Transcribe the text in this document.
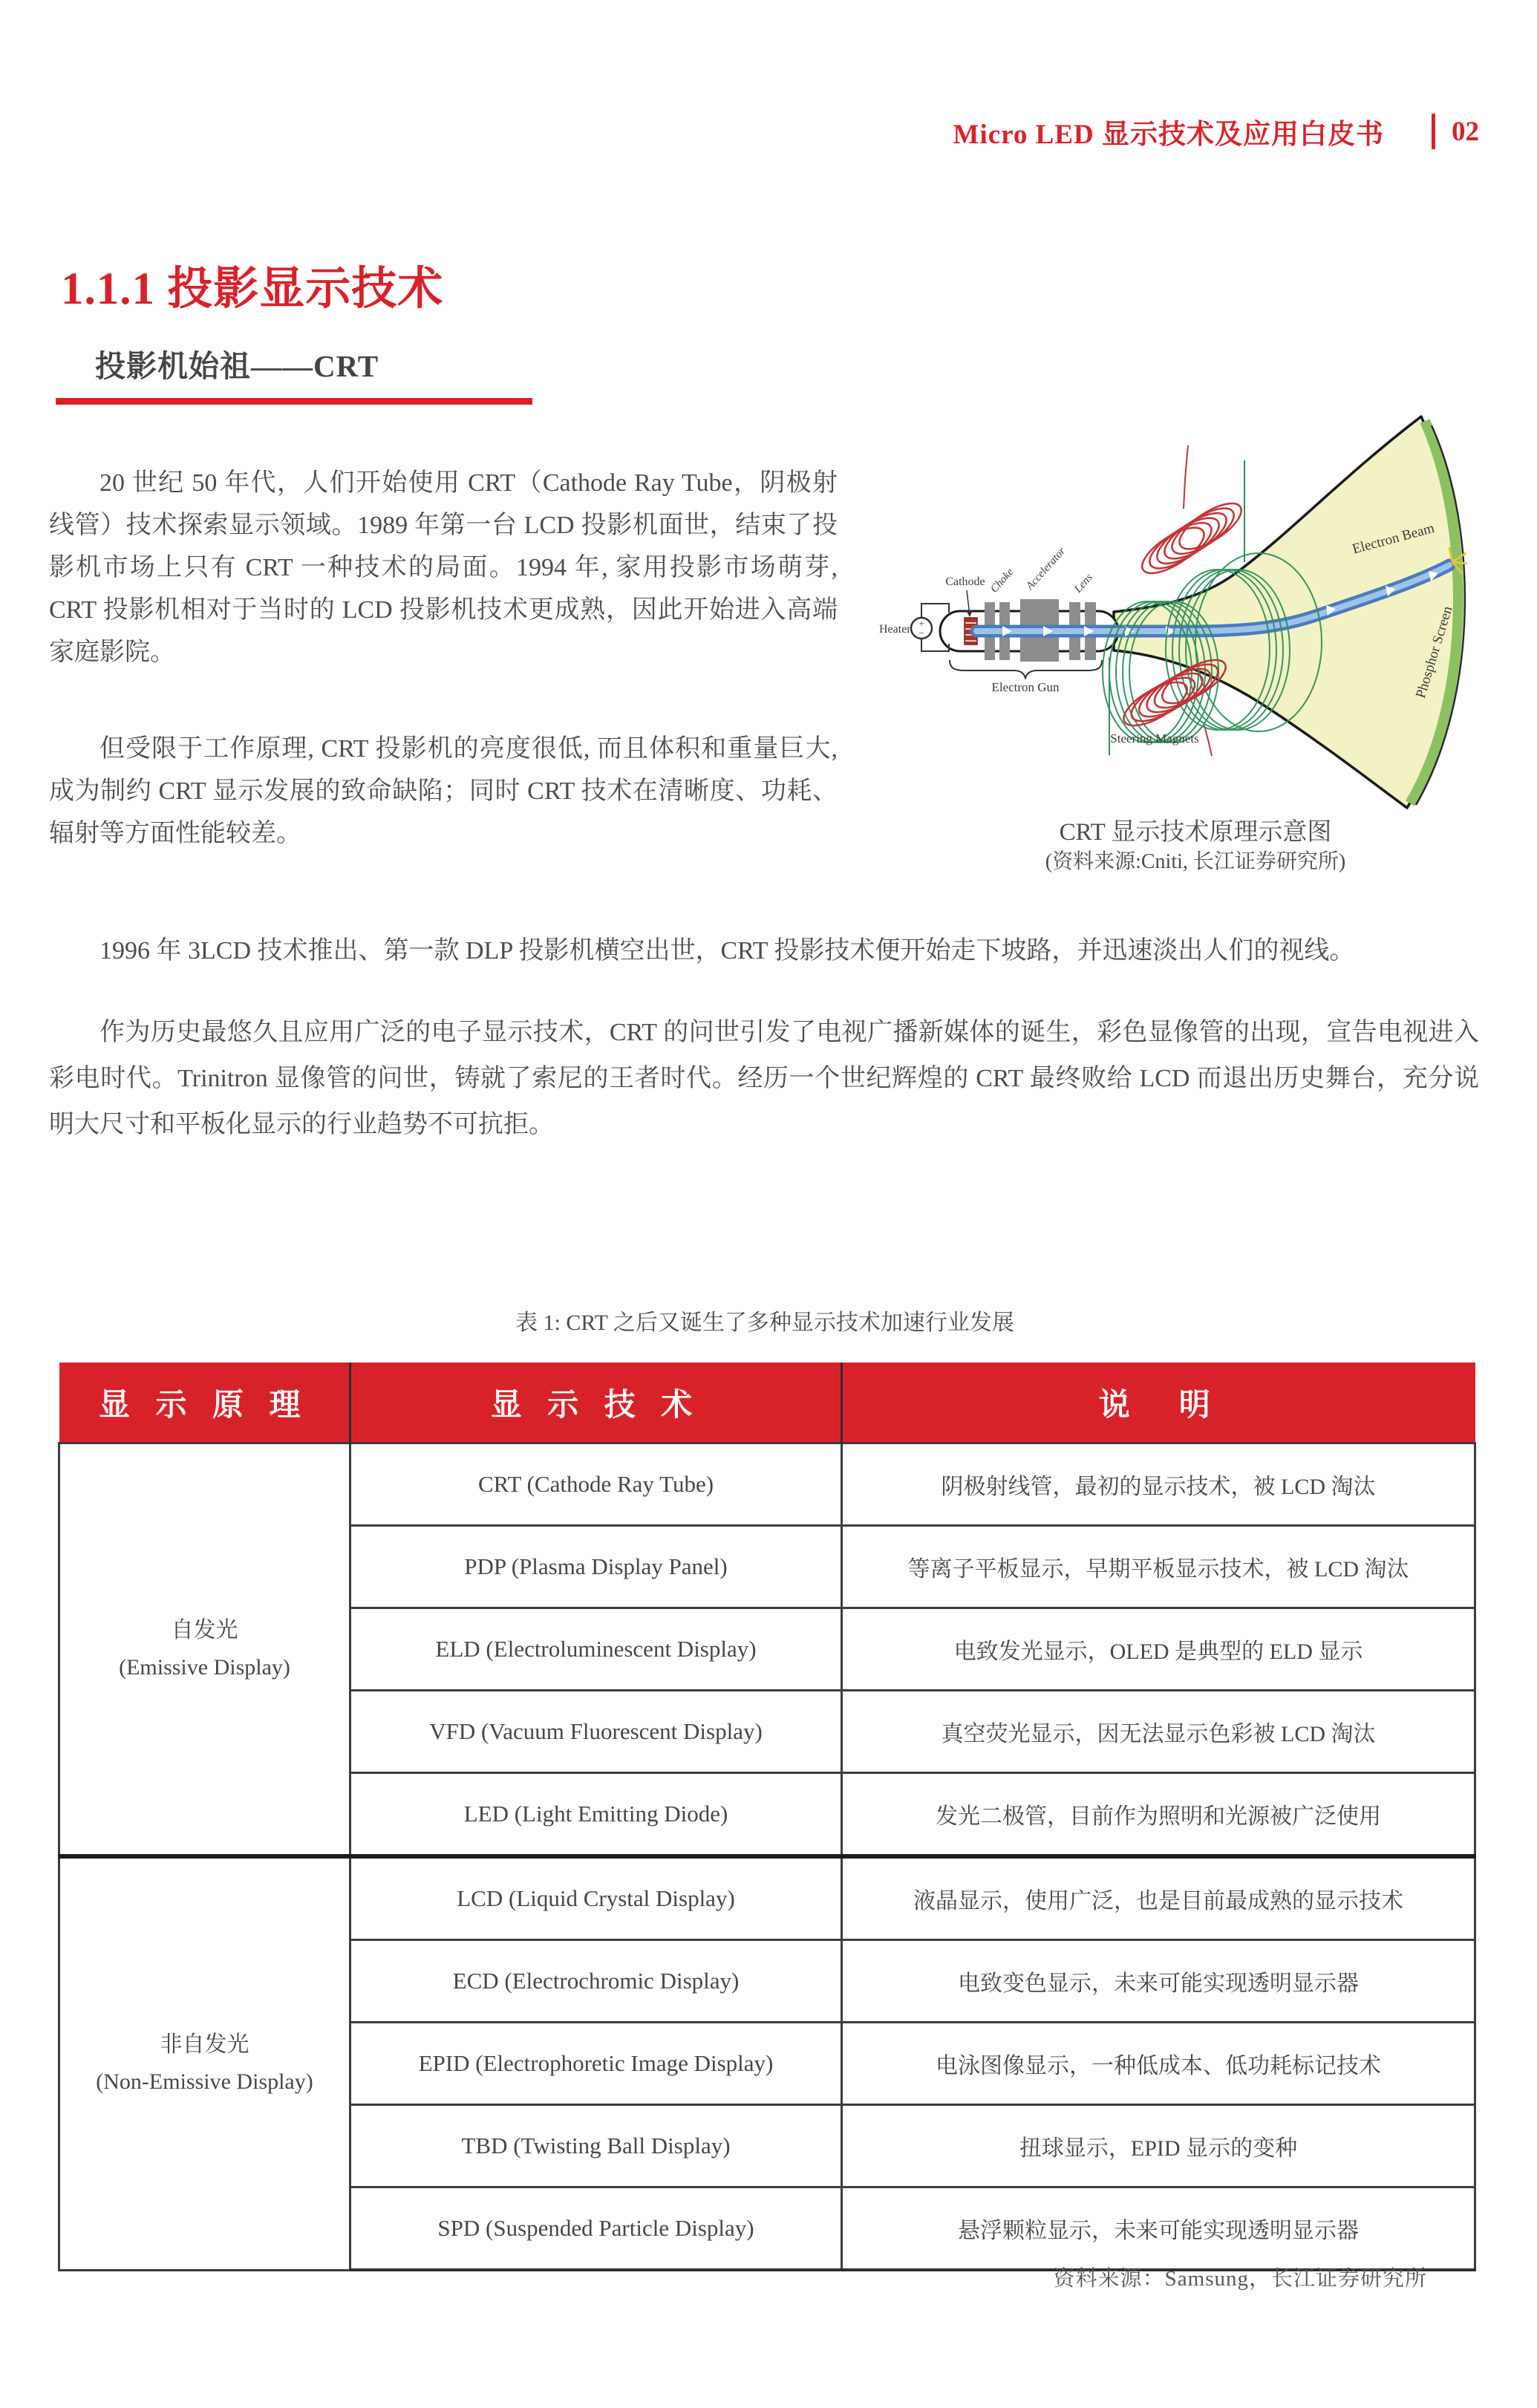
Micro LED 显示技术及应用白皮书 02
1.1.1 投影显示技术
投影机始祖——CRT

20 世纪 50 年代，人们开始使用 CRT（Cathode Ray Tube，阴极射线管）技术探索显示领域。1989 年第一台 LCD 投影机面世，结束了投影机市场上只有 CRT 一种技术的局面。1994 年, 家用投影市场萌芽, CRT 投影机相对于当时的 LCD 投影机技术更成熟，因此开始进入高端家庭影院。

但受限于工作原理, CRT 投影机的亮度很低, 而且体积和重量巨大, 成为制约 CRT 显示发展的致命缺陷；同时 CRT 技术在清晰度、功耗、辐射等方面性能较差。

1996 年 3LCD 技术推出、第一款 DLP 投影机横空出世，CRT 投影技术便开始走下坡路，并迅速淡出人们的视线。

作为历史最悠久且应用广泛的电子显示技术，CRT 的问世引发了电视广播新媒体的诞生，彩色显像管的出现，宣告电视进入彩电时代。Trinitron 显像管的问世，铸就了索尼的王者时代。经历一个世纪辉煌的 CRT 最终败给 LCD 而退出历史舞台，充分说明大尺寸和平板化显示的行业趋势不可抗拒。

+
−
Heater
Cathode Choke Accelerator Lens
Electron Gun
Steering Magnets
Electron Beam
Phosphor Screen
CRT 显示技术原理示意图
(资料来源:Cniti, 长江证券研究所)

表 1: CRT 之后又诞生了多种显示技术加速行业发展

显 示 原 理	显 示 技 术	说　明

自发光
(Emissive Display)	CRT (Cathode Ray Tube)	阴极射线管，最初的显示技术，被 LCD 淘汰
	PDP (Plasma Display Panel)	等离子平板显示，早期平板显示技术，被 LCD 淘汰
	ELD (Electroluminescent Display)	电致发光显示，OLED 是典型的 ELD 显示
	VFD (Vacuum Fluorescent Display)	真空荧光显示，因无法显示色彩被 LCD 淘汰
	LED (Light Emitting Diode)	发光二极管，目前作为照明和光源被广泛使用

非自发光
(Non-Emissive Display)	LCD (Liquid Crystal Display)	液晶显示，使用广泛，也是目前最成熟的显示技术
	ECD (Electrochromic Display)	电致变色显示，未来可能实现透明显示器
	EPID (Electrophoretic Image Display)	电泳图像显示，一种低成本、低功耗标记技术
	TBD (Twisting Ball Display)	扭球显示，EPID 显示的变种
	SPD (Suspended Particle Display)	悬浮颗粒显示，未来可能实现透明显示器

资料来源：Samsung，长江证券研究所
